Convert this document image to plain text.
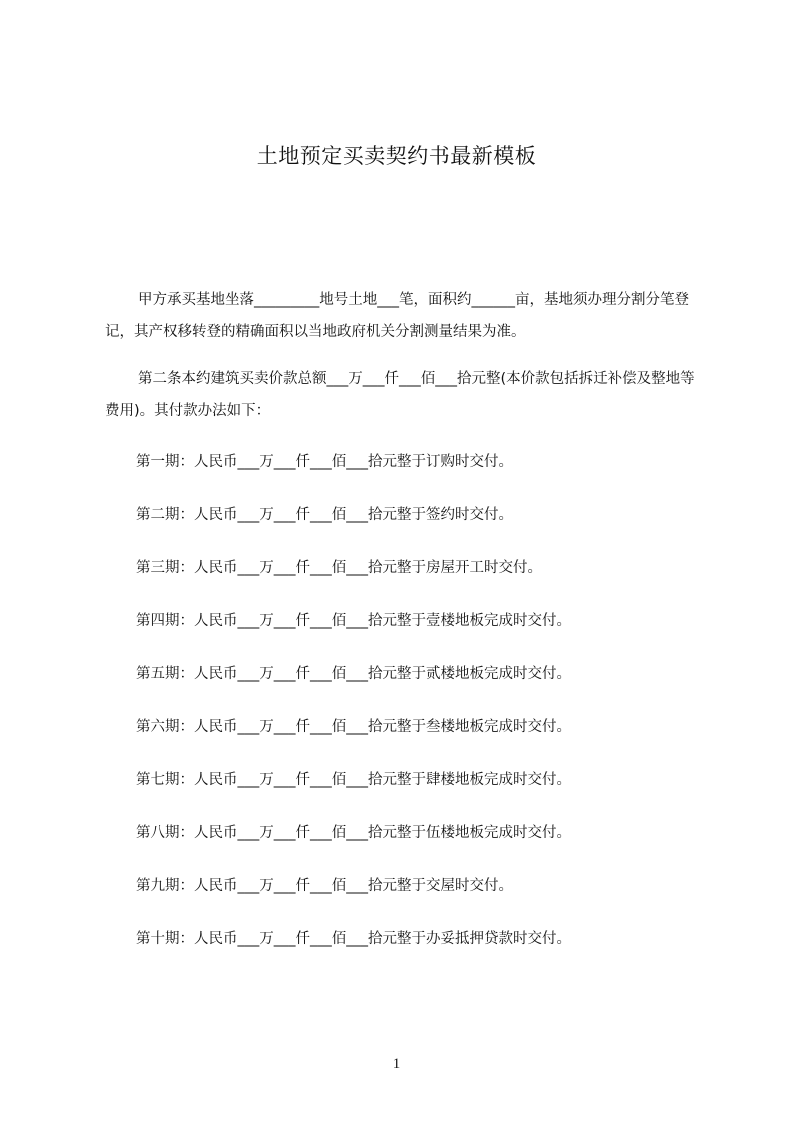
土地预定买卖契约书最新模板

甲方承买基地坐落_________地号土地___笔，面积约______亩，基地须办理分割分笔登记，其产权移转登的精确面积以当地政府机关分割测量结果为准。

第二条本约建筑买卖价款总额___万___仟___佰___拾元整(本价款包括拆迁补偿及整地等费用)。其付款办法如下：

第一期：人民币___万___仟___佰___拾元整于订购时交付。
第二期：人民币___万___仟___佰___拾元整于签约时交付。
第三期：人民币___万___仟___佰___拾元整于房屋开工时交付。
第四期：人民币___万___仟___佰___拾元整于壹楼地板完成时交付。
第五期：人民币___万___仟___佰___拾元整于贰楼地板完成时交付。
第六期：人民币___万___仟___佰___拾元整于叁楼地板完成时交付。
第七期：人民币___万___仟___佰___拾元整于肆楼地板完成时交付。
第八期：人民币___万___仟___佰___拾元整于伍楼地板完成时交付。
第九期：人民币___万___仟___佰___拾元整于交屋时交付。
第十期：人民币___万___仟___佰___拾元整于办妥抵押贷款时交付。
1
